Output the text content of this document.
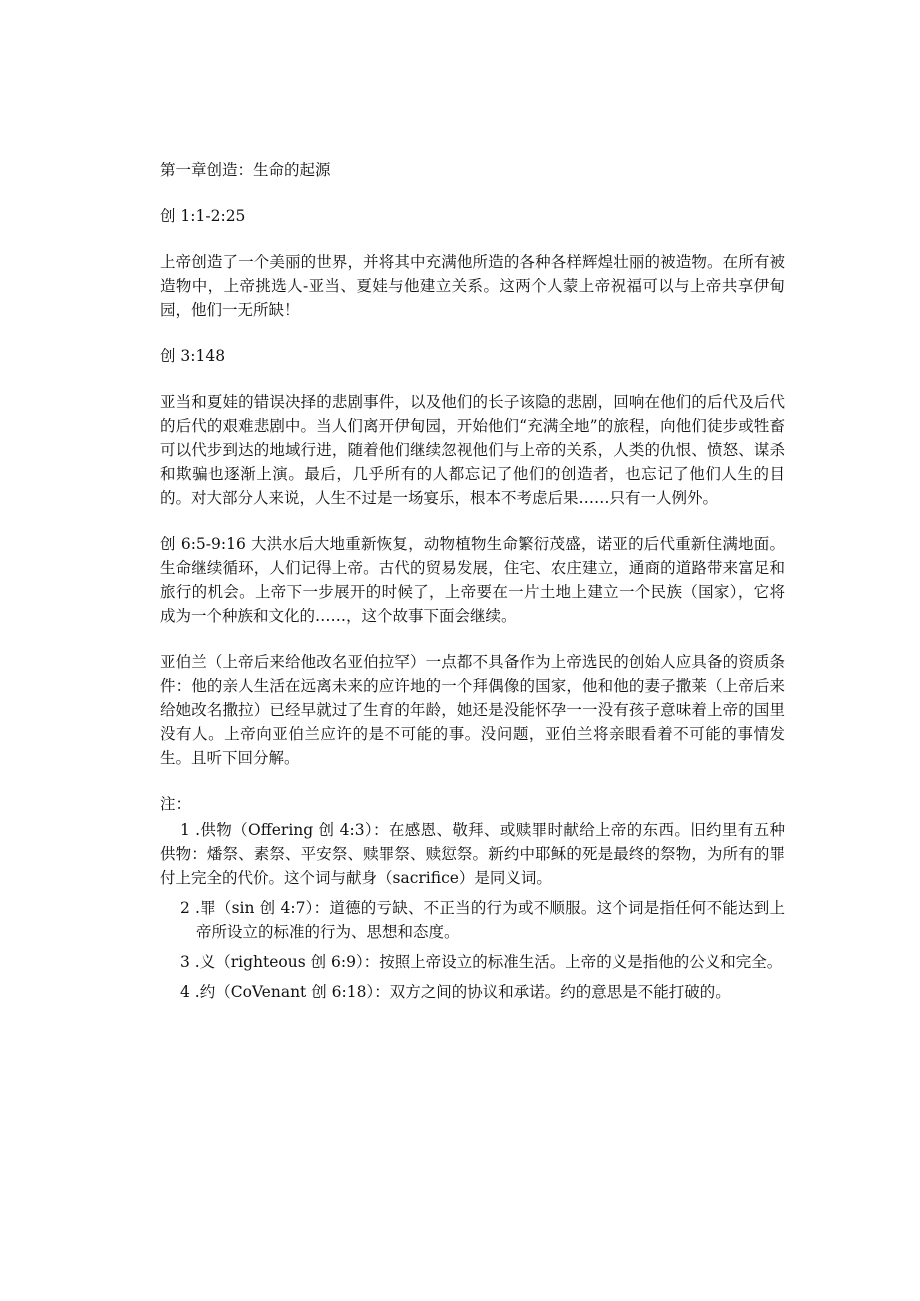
第一章创造：生命的起源

创 1:1-2:25

上帝创造了一个美丽的世界，并将其中充满他所造的各种各样辉煌壮丽的被造物。在所有被造物中，上帝挑选人-亚当、夏娃与他建立关系。这两个人蒙上帝祝福可以与上帝共享伊甸园，他们一无所缺！

创 3:148

亚当和夏娃的错误决择的悲剧事件，以及他们的长子该隐的悲剧，回响在他们的后代及后代的后代的艰难悲剧中。当人们离开伊甸园，开始他们“充满全地”的旅程，向他们徒步或牲畜可以代步到达的地域行进，随着他们继续忽视他们与上帝的关系，人类的仇恨、愤怒、谋杀和欺骗也逐渐上演。最后，几乎所有的人都忘记了他们的创造者，也忘记了他们人生的目的。对大部分人来说，人生不过是一场宴乐，根本不考虑后果……只有一人例外。

创 6:5-9:16 大洪水后大地重新恢复，动物植物生命繁衍茂盛，诺亚的后代重新住满地面。生命继续循环，人们记得上帝。古代的贸易发展，住宅、农庄建立，通商的道路带来富足和旅行的机会。上帝下一步展开的时候了，上帝要在一片土地上建立一个民族（国家），它将成为一个种族和文化的……，这个故事下面会继续。

亚伯兰（上帝后来给他改名亚伯拉罕）一点都不具备作为上帝选民的创始人应具备的资质条件：他的亲人生活在远离未来的应许地的一个拜偶像的国家，他和他的妻子撒莱（上帝后来给她改名撒拉）已经早就过了生育的年龄，她还是没能怀孕一一没有孩子意味着上帝的国里没有人。上帝向亚伯兰应许的是不可能的事。没问题，亚伯兰将亲眼看着不可能的事情发生。且听下回分解。

注：

1 .供物（Offering 创 4:3）：在感恩、敬拜、或赎罪时献给上帝的东西。旧约里有五种供物：燔祭、素祭、平安祭、赎罪祭、赎愆祭。新约中耶稣的死是最终的祭物，为所有的罪付上完全的代价。这个词与献身（sacrifice）是同义词。
2 .罪（sin 创 4:7）：道德的亏缺、不正当的行为或不顺服。这个词是指任何不能达到上帝所设立的标准的行为、思想和态度。
3 .义（righteous 创 6:9）：按照上帝设立的标准生活。上帝的义是指他的公义和完全。
4 .约（CoVenant 创 6:18）：双方之间的协议和承诺。约的意思是不能打破的。
